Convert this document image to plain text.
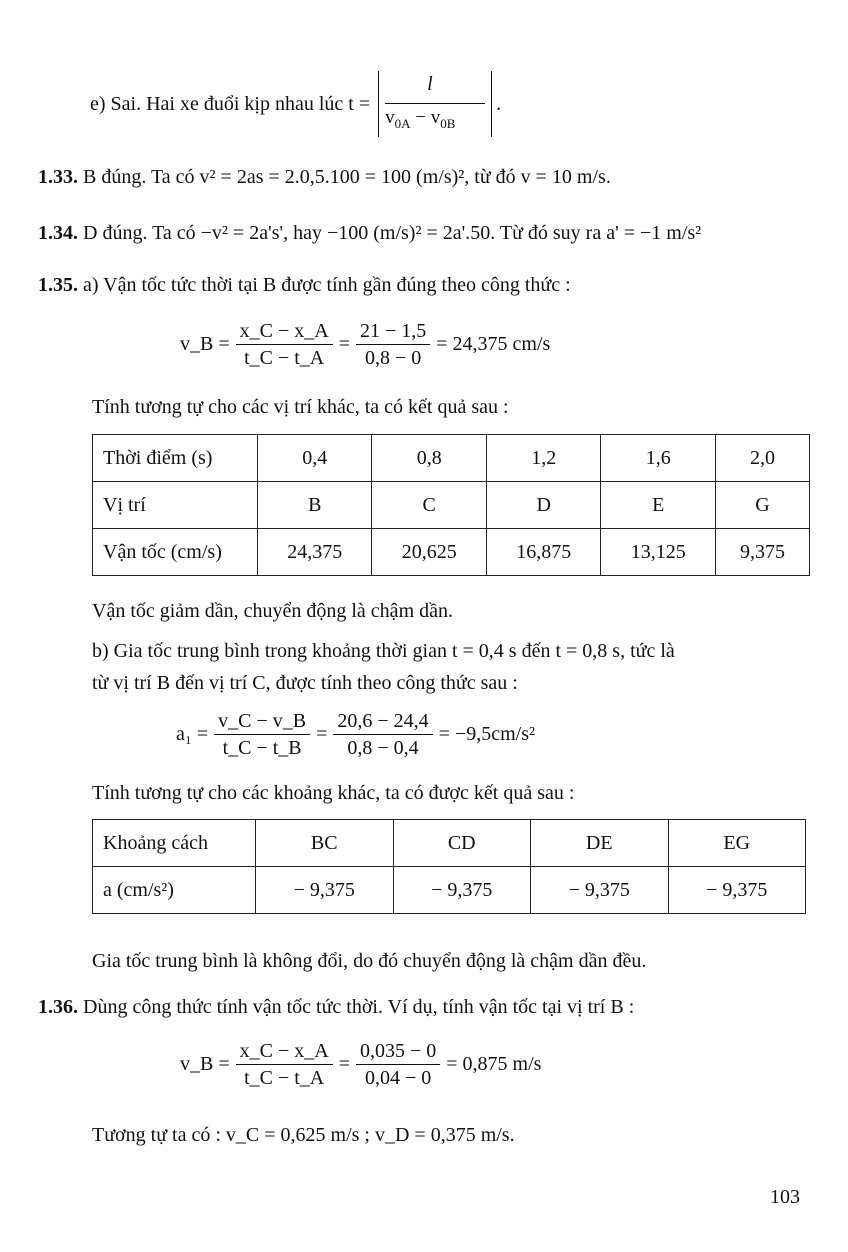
e) Sai. Hai xe đuổi kịp nhau lúc t =
l
$v_{0A} - v_{0B}$
.
1.33. B đúng. Ta có v² = 2as = 2.0,5.100 = 100 (m/s)², từ đó v = 10 m/s.
1.34. D đúng. Ta có −v² = 2a's', hay −100 (m/s)² = 2a'.50. Từ đó suy ra a' = −1 m/s²
1.35. a) Vận tốc tức thời tại B được tính gần đúng theo công thức :
v_B = $\frac{x\_C - x\_A}{t\_C - t\_A} = \frac{21 - 1,5}{0,8 - 0} = 24,375$ cm/s
Tính tương tự cho các vị trí khác, ta có kết quả sau :
Thời điểm (s)	0,4	0,8	1,2	1,6	2,0
Vị trí	B	C	D	E	G
Vận tốc (cm/s)	24,375	20,625	16,875	13,125	9,375
Vận tốc giảm dần, chuyển động là chậm dần.
b) Gia tốc trung bình trong khoảng thời gian t = 0,4 s đến t = 0,8 s, tức là
từ vị trí B đến vị trí C, được tính theo công thức sau :
$a_1 = \frac{v\_C - v\_B}{t\_C - t\_B} = \frac{20,6 - 24,4}{0,8 - 0,4} = -9,5cm/s^2$
Tính tương tự cho các khoảng khác, ta có được kết quả sau :
Khoảng cách	BC	CD	DE	EG
a (cm/s²)	− 9,375	− 9,375	− 9,375	− 9,375
Gia tốc trung bình là không đổi, do đó chuyển động là chậm dần đều.
1.36. Dùng công thức tính vận tốc tức thời. Ví dụ, tính vận tốc tại vị trí B :
v_B = $\frac{x\_C - x\_A}{t\_C - t\_A} = \frac{0,035 - 0}{0,04 - 0} = 0,875$ m/s
Tương tự ta có : v_C = 0,625 m/s ; v_D = 0,375 m/s.
103
